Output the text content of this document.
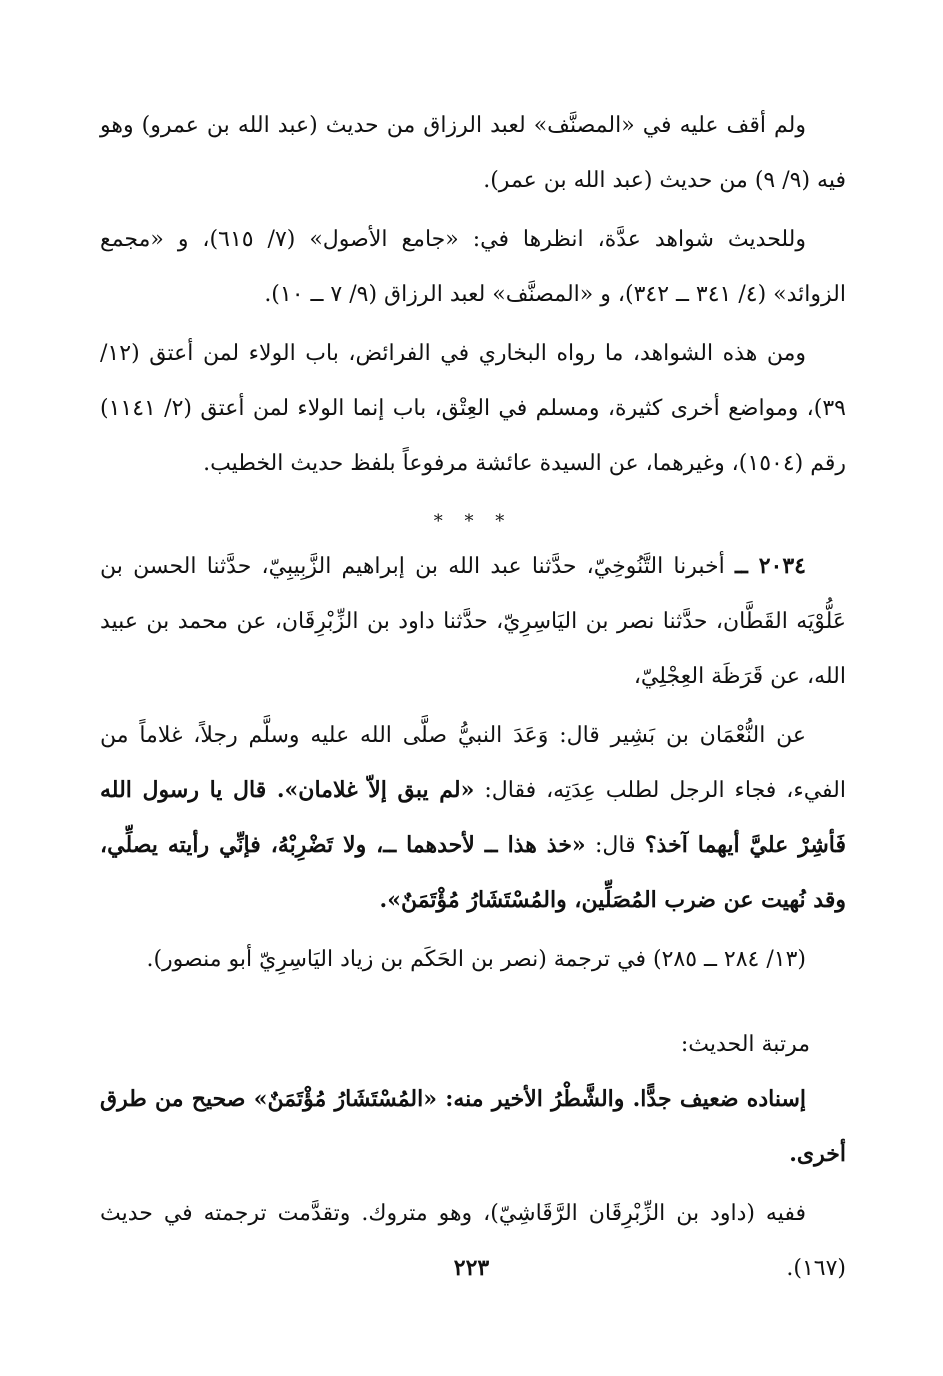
ولم أقف عليه في «المصنَّف» لعبد الرزاق من حديث (عبد الله بن عمرو) وهو فيه (٩/ ٩) من حديث (عبد الله بن عمر).

وللحديث شواهد عدَّة، انظرها في: «جامع الأصول» (٧/ ٦١٥)، و «مجمع الزوائد» (٤/ ٣٤١ ــ ٣٤٢)، و «المصنَّف» لعبد الرزاق (٩/ ٧ ــ ١٠).

ومن هذه الشواهد، ما رواه البخاري في الفرائض، باب الولاء لمن أعتق (١٢/ ٣٩)، ومواضع أخرى كثيرة، ومسلم في العِتْق، باب إنما الولاء لمن أعتق (٢/ ١١٤١) رقم (١٥٠٤)، وغيرهما، عن السيدة عائشة مرفوعاً بلفظ حديث الخطيب.

* * *

٢٠٣٤ ــ أخبرنا التَّنُوخِيّ، حدَّثنا عبد الله بن إبراهيم الزَّبِيبِيّ، حدَّثنا الحسن بن عَلُّوْيَه القَطَّان، حدَّثنا نصر بن اليَاسِرِيّ، حدَّثنا داود بن الزِّبْرِقَان، عن محمد بن عبيد الله، عن قَرَظَة العِجْلِيّ،

عن النُّعْمَان بن بَشِير قال: وَعَدَ النبيُّ صلَّى الله عليه وسلَّم رجلاً، غلاماً من الفيء، فجاء الرجل لطلب عِدَتِه، فقال: «لم يبق إلاّ غلامان». قال يا رسول الله فَأشِرْ عليَّ أيهما آخذ؟ قال: «خذ هذا ــ لأحدهما ــ، ولا تَضْرِبْهُ، فإنِّي رأيته يصلِّي، وقد نُهيت عن ضرب المُصَلِّين، والمُسْتَشَارُ مُؤْتَمَنٌ».

(١٣/ ٢٨٤ ــ ٢٨٥) في ترجمة (نصر بن الحَكَم بن زياد اليَاسِرِيّ أبو منصور).

مرتبة الحديث:

إسناده ضعيف جدًّا. والشَّطْرُ الأخير منه: «المُسْتَشَارُ مُؤْتَمَنٌ» صحيح من طرق أخرى.

ففيه (داود بن الزِّبْرِقَان الرَّقَاشِيّ)، وهو متروك. وتقدَّمت ترجمته في حديث (١٦٧).

٢٢٣
